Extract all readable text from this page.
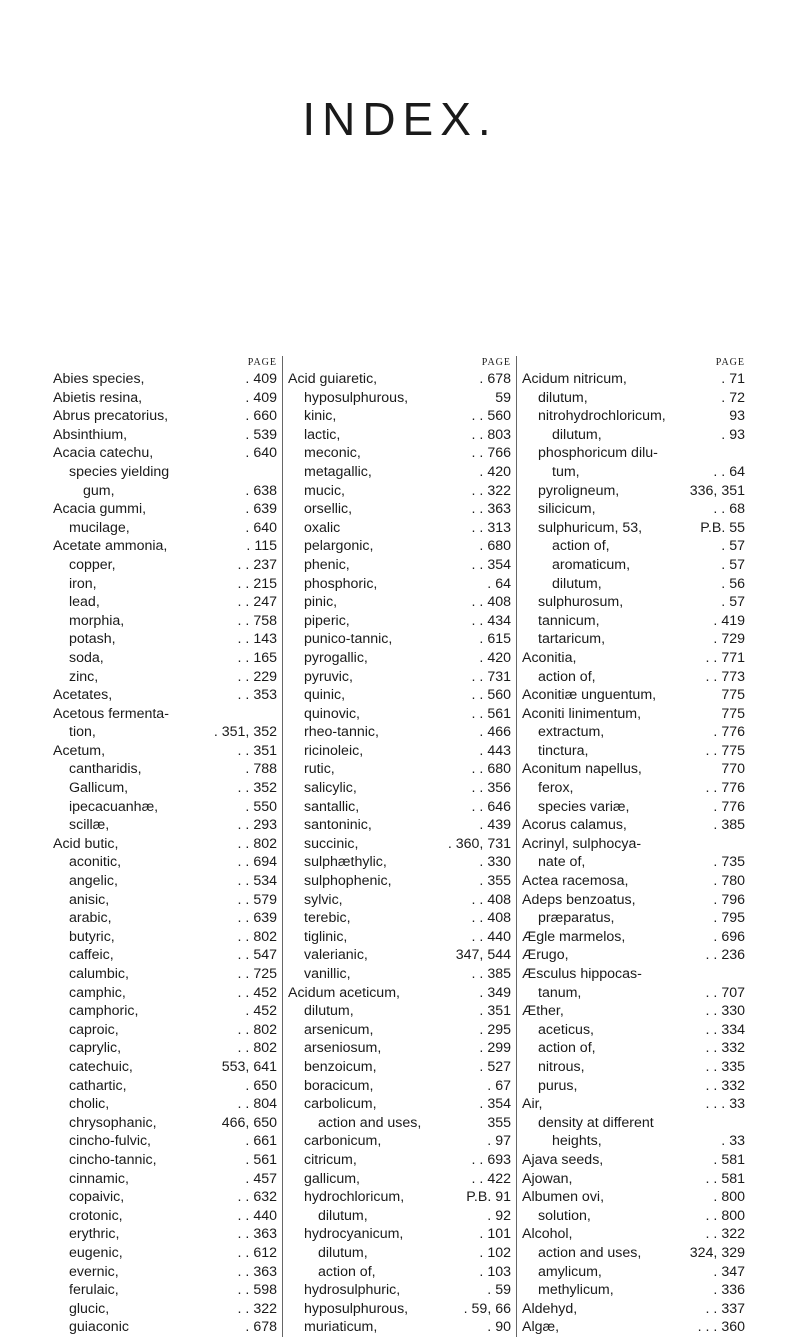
INDEX.
PAGE
Abies species,	. 409
Abietis resina,	. 409
Abrus precatorius,	. 660
Absinthium,	. 539
Acacia catechu,	. 640
species yielding
gum,	. 638
Acacia gummi,	. 639
mucilage,	. 640
Acetate ammonia,	. 115
copper,	. . 237
iron,	. . 215
lead,	. . 247
morphia,	. . 758
potash,	. . 143
soda,	. . 165
zinc,	. . 229
Acetates,	. . 353
Acetous fermenta-
tion,	. 351, 352
Acetum,	. . 351
cantharidis,	. 788
Gallicum,	. . 352
ipecacuanhæ,	. 550
scillæ,	. . 293
Acid butic,	. . 802
aconitic,	. . 694
angelic,	. . 534
anisic,	. . 579
arabic,	. . 639
butyric,	. . 802
caffeic,	. . 547
calumbic,	. . 725
camphic,	. . 452
camphoric,	. 452
caproic,	. . 802
caprylic,	. . 802
catechuic,	553, 641
cathartic,	. 650
cholic,	. . 804
chrysophanic,	466, 650
cincho-fulvic,	. 661
cincho-tannic,	. 561
cinnamic,	. 457
copaivic,	. . 632
crotonic,	. . 440
erythric,	. . 363
eugenic,	. . 612
evernic,	. . 363
ferulaic,	. . 598
glucic,	. . 322
guiaconic	. 678
PAGE
Acid guiaretic,	. 678
hyposulphurous,	59
kinic,	. . 560
lactic,	. . 803
meconic,	. . 766
metagallic,	. 420
mucic,	. . 322
orsellic,	. . 363
oxalic	. . 313
pelargonic,	. 680
phenic,	. . 354
phosphoric,	. 64
pinic,	. . 408
piperic,	. . 434
punico-tannic,	. 615
pyrogallic,	. 420
pyruvic,	. . 731
quinic,	. . 560
quinovic,	. . 561
rheo-tannic,	. 466
ricinoleic,	. 443
rutic,	. . 680
salicylic,	. . 356
santallic,	. . 646
santoninic,	. 439
succinic,	. 360, 731
sulphæthylic,	. 330
sulphophenic,	. 355
sylvic,	. . 408
terebic,	. . 408
tiglinic,	. . 440
valerianic,	347, 544
vanillic,	. . 385
Acidum aceticum,	. 349
dilutum,	. 351
arsenicum,	. 295
arseniosum,	. 299
benzoicum,	. 527
boracicum,	. 67
carbolicum,	. 354
action and uses,	355
carbonicum,	. 97
citricum,	. . 693
gallicum,	. . 422
hydrochloricum,	P.B. 91
dilutum,	. 92
hydrocyanicum,	. 101
dilutum,	. 102
action of,	. 103
hydrosulphuric,	. 59
hyposulphurous,	. 59, 66
muriaticum,	. 90
PAGE
Acidum nitricum,	. 71
dilutum,	. 72
nitrohydrochloricum,	93
dilutum,	. 93
phosphoricum dilu-
tum,	. . 64
pyroligneum,	336, 351
silicicum,	. . 68
sulphuricum, 53,	P.B. 55
action of,	. 57
aromaticum,	. 57
dilutum,	. 56
sulphurosum,	. 57
tannicum,	. 419
tartaricum,	. 729
Aconitia,	. . 771
action of,	. . 773
Aconitiæ unguentum,	775
Aconiti linimentum,	775
extractum,	. 776
tinctura,	. . 775
Aconitum napellus,	770
ferox,	. . 776
species variæ,	. 776
Acorus calamus,	. 385
Acrinyl, sulphocya-
nate of,	. 735
Actea racemosa,	. 780
Adeps benzoatus,	. 796
præparatus,	. 795
Ægle marmelos,	. 696
Ærugo,	. . 236
Æsculus hippocas-
tanum,	. . 707
Æther,	. . 330
aceticus,	. . 334
action of,	. . 332
nitrous,	. . 335
purus,	. . 332
Air,	. . . 33
density at different
heights,	. 33
Ajava seeds,	. 581
Ajowan,	. . 581
Albumen ovi,	. 800
solution,	. . 800
Alcohol,	. . 322
action and uses,	324, 329
amylicum,	. 347
methylicum,	. 336
Aldehyd,	. . 337
Algæ,	. . . 360
